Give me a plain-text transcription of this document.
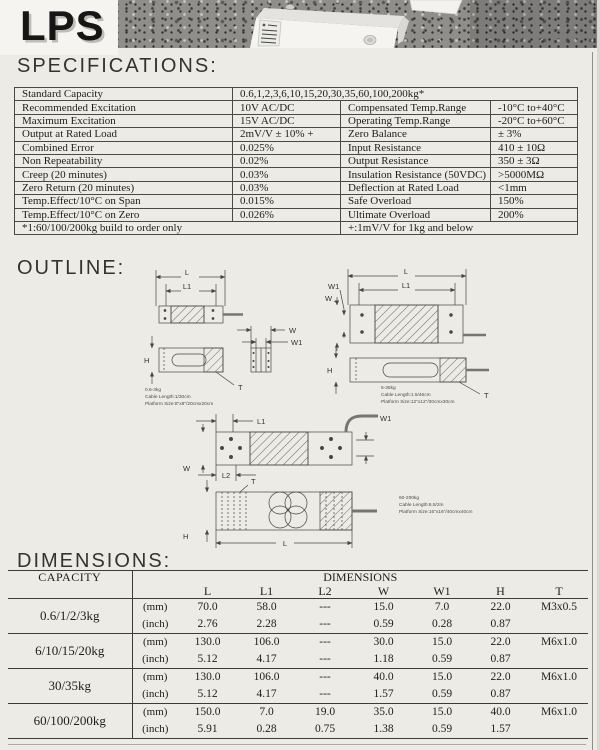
LPS
SPECIFICATIONS:
OUTLINE:
DIMENSIONS:
Standard Capacity	0.6,1,2,3,6,10,15,20,30,35,60,100,200kg*		
Recommended Excitation	10V AC/DC	Compensated Temp.Range	-10°C to+40°C
Maximum Excitation	15V AC/DC	Operating Temp.Range	-20°C to+60°C
Output at Rated Load	2mV/V ± 10% +	Zero Balance	± 3%
Combined Error	0.025%	Input Resistance	410 ± 10Ω
Non Repeatability	0.02%	Output Resistance	350 ± 3Ω
Creep (20 minutes)	0.03%	Insulation Resistance (50VDC)	>5000MΩ
Zero Return (20 minutes)	0.03%	Deflection at Rated Load	<1mm
Temp.Effect/10°C on Span	0.015%	Safe Overload	150%
Temp.Effect/10°C on Zero	0.026%	Ultimate Overload	200%
*1:60/100/200kg build to order only		+:1mV/V for 1kg and below	
L
L1
W
W1
H
T
0.6-3kg
Cable Length:1/30cm
Platform Size:8"x8"/20cmx20cm
L
L1
W1
W
H
T
6-35kg
Cable Length:1.5/46cm
Platform Size:12"x12"/30cmx30cm
L1	W1
W
L2
T
H
L
60-200kg
Cable Length:6.5/2m
Platform Size:16"x16"/40cmx40cm
CAPACITY	DIMENSIONS							
		L	L1	L2	W	W1	H	T
0.6/1/2/3kg	(mm)	70.0	58.0	---	15.0	7.0	22.0	M3x0.5
	(inch)	2.76	2.28	---	0.59	0.28	0.87	
6/10/15/20kg	(mm)	130.0	106.0	---	30.0	15.0	22.0	M6x1.0
	(inch)	5.12	4.17	---	1.18	0.59	0.87	
30/35kg	(mm)	130.0	106.0	---	40.0	15.0	22.0	M6x1.0
	(inch)	5.12	4.17	---	1.57	0.59	0.87	
60/100/200kg	(mm)	150.0	7.0	19.0	35.0	15.0	40.0	M6x1.0
	(inch)	5.91	0.28	0.75	1.38	0.59	1.57	
